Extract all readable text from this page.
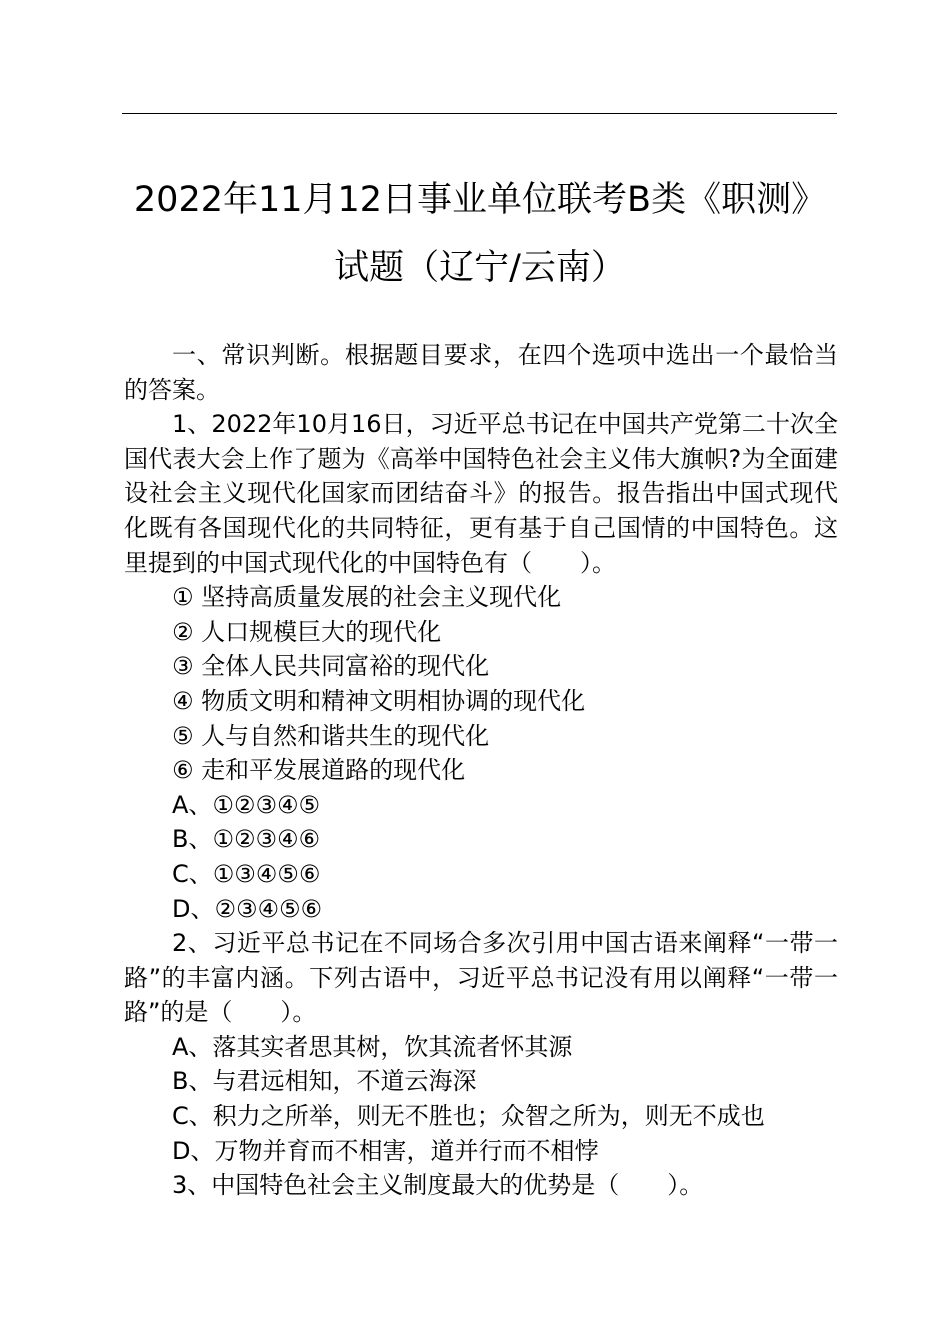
2022年11月12日事业单位联考B类《职测》
试题（辽宁/云南）

一、常识判断。根据题目要求，在四个选项中选出一个最恰当的答案。

1、2022年10月16日，习近平总书记在中国共产党第二十次全国代表大会上作了题为《高举中国特色社会主义伟大旗帜?为全面建设社会主义现代化国家而团结奋斗》的报告。报告指出中国式现代化既有各国现代化的共同特征，更有基于自己国情的中国特色。这里提到的中国式现代化的中国特色有（　　）。

① 坚持高质量发展的社会主义现代化

② 人口规模巨大的现代化

③ 全体人民共同富裕的现代化

④ 物质文明和精神文明相协调的现代化

⑤ 人与自然和谐共生的现代化

⑥ 走和平发展道路的现代化

A、①②③④⑤

B、①②③④⑥

C、①③④⑤⑥

D、②③④⑤⑥

2、习近平总书记在不同场合多次引用中国古语来阐释“一带一路”的丰富内涵。下列古语中，习近平总书记没有用以阐释“一带一路”的是（　　）。

A、落其实者思其树，饮其流者怀其源

B、与君远相知，不道云海深

C、积力之所举，则无不胜也；众智之所为，则无不成也

D、万物并育而不相害，道并行而不相悖

3、中国特色社会主义制度最大的优势是（　　）。
